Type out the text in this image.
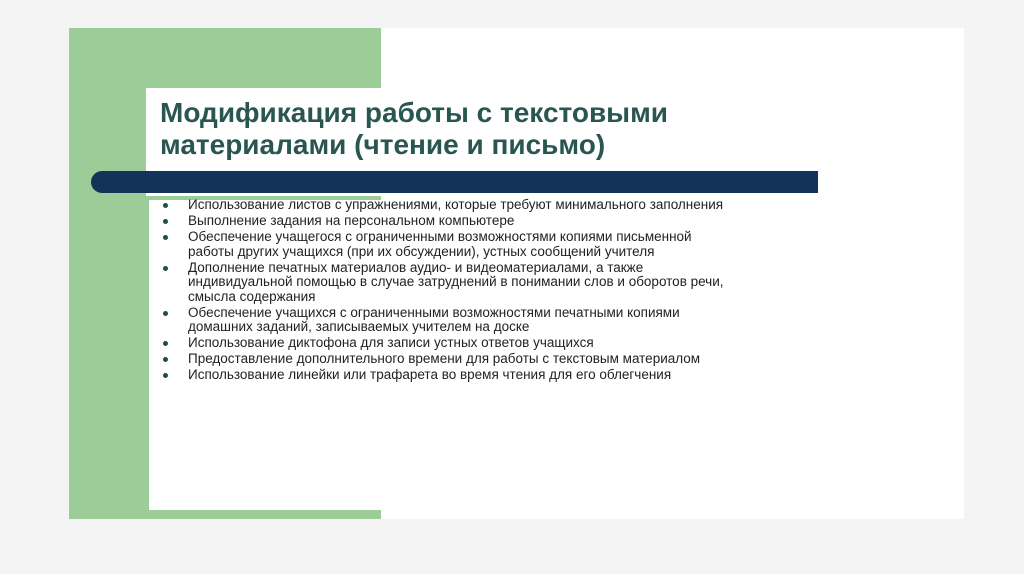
Модификация работы с текстовыми
материалами (чтение и письмо)
Использование листов с упражнениями, которые требуют минимального заполнения
Выполнение задания на персональном компьютере
Обеспечение учащегося с ограниченными возможностями копиями письменной
работы других учащихся (при их обсуждении), устных сообщений учителя
Дополнение печатных материалов аудио- и видеоматериалами, а также
индивидуальной помощью в случае затруднений в понимании слов и оборотов речи,
смысла содержания
Обеспечение учащихся с ограниченными возможностями печатными копиями
домашних заданий, записываемых учителем на доске
Использование диктофона для записи устных ответов учащихся
Предоставление дополнительного времени для работы с текстовым материалом
Использование линейки или трафарета во время чтения для его облегчения
